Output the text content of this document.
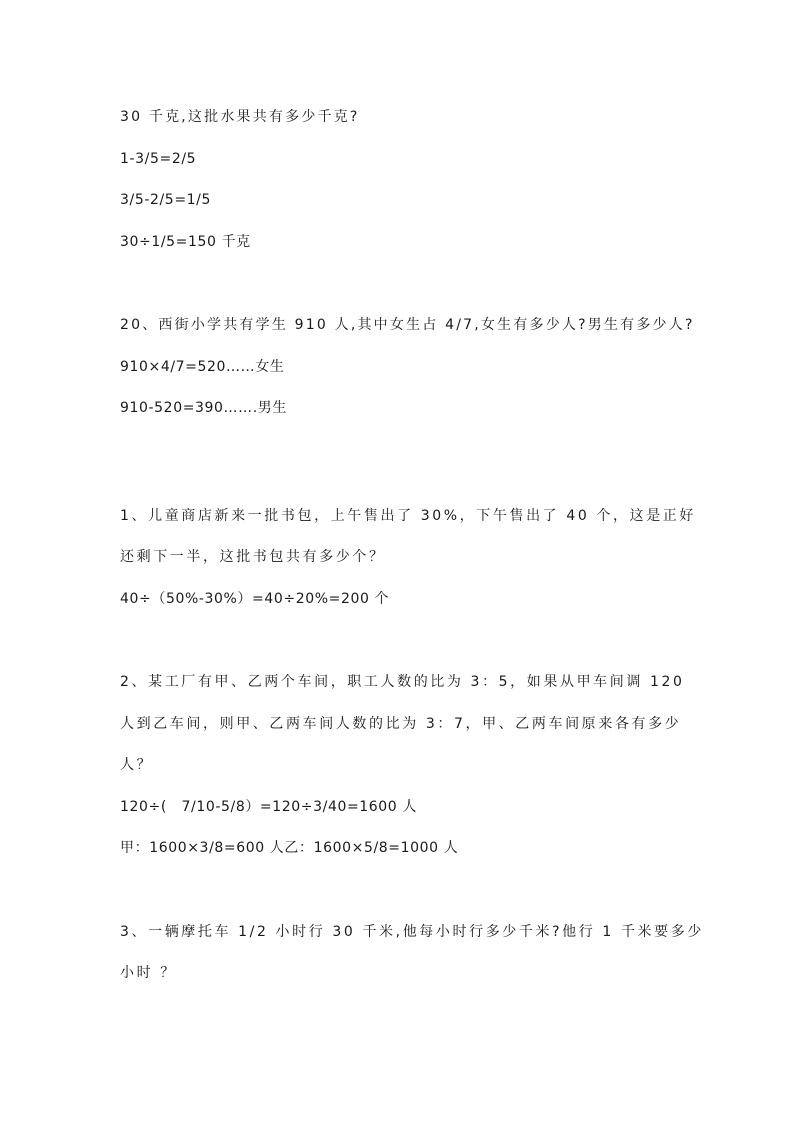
30 千克,这批水果共有多少千克?
1-3/5=2/5
3/5-2/5=1/5
30÷1/5=150 千克
20、西街小学共有学生 910 人,其中女生占 4/7,女生有多少人?男生有多少人?
910×4/7=520……女生
910-520=390…….男生
1、儿童商店新来一批书包，上午售出了 30%，下午售出了 40 个，这是正好
还剩下一半，这批书包共有多少个？
40÷（50%-30%）=40÷20%=200 个
2、某工厂有甲、乙两个车间，职工人数的比为 3：5，如果从甲车间调 120
人到乙车间，则甲、乙两车间人数的比为 3：7，甲、乙两车间原来各有多少
人？
120÷(　7/10-5/8）=120÷3/40=1600 人
甲：1600×3/8=600 人乙：1600×5/8=1000 人
3、一辆摩托车 1/2 小时行 30 千米,他每小时行多少千米?他行 1 千米要多少
小时 ？
